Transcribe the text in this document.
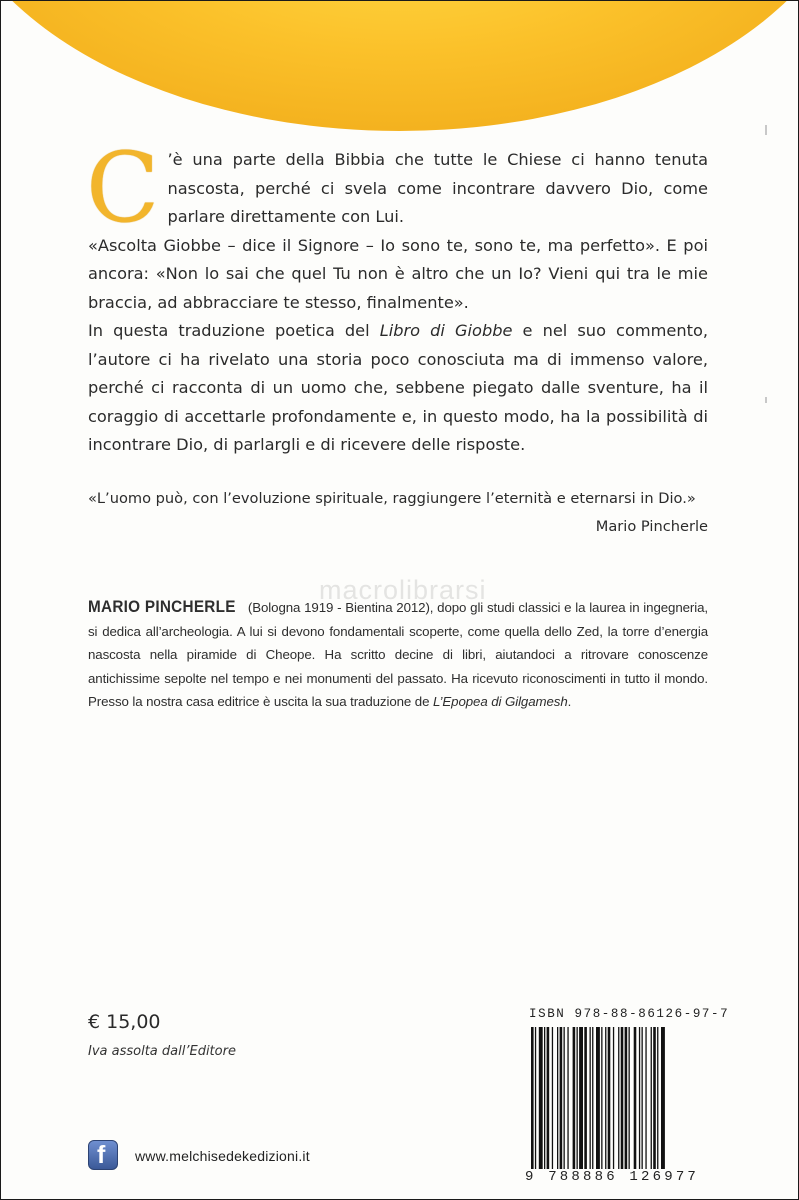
C ’è una parte della Bibbia che tutte le Chiese ci hanno tenuta nascosta, perché ci svela come incontrare davvero Dio, come parlare direttamente con Lui.

«Ascolta Giobbe – dice il Signore – Io sono te, sono te, ma perfetto». E poi ancora: «Non lo sai che quel Tu non è altro che un Io? Vieni qui tra le mie braccia, ad abbracciare te stesso, finalmente».

In questa traduzione poetica del Libro di Giobbe e nel suo commento, l’autore ci ha rivelato una storia poco conosciuta ma di immenso valore, perché ci racconta di un uomo che, sebbene piegato dalle sventure, ha il coraggio di accettarle profondamente e, in questo modo, ha la possibilità di incontrare Dio, di parlargli e di ricevere delle risposte.

«L’uomo può, con l’evoluzione spirituale, raggiungere l’eternità e eternarsi in Dio.»
Mario Pincherle
macrolibrarsi
MARIO PINCHERLE (Bologna 1919 - Bientina 2012), dopo gli studi classici e la laurea in ingegneria, si dedica all’archeologia. A lui si devono fondamentali scoperte, come quella dello Zed, la torre d’energia nascosta nella piramide di Cheope. Ha scritto decine di libri, aiutandoci a ritrovare conoscenze antichissime sepolte nel tempo e nei monumenti del passato. Ha ricevuto riconoscimenti in tutto il mondo. Presso la nostra casa editrice è uscita la sua traduzione de L’Epopea di Gilgamesh.
€ 15,00
Iva assolta dall’Editore
ISBN 978-88-86126-97-7
9 788886 126977
f www.melchisedekedizioni.it
